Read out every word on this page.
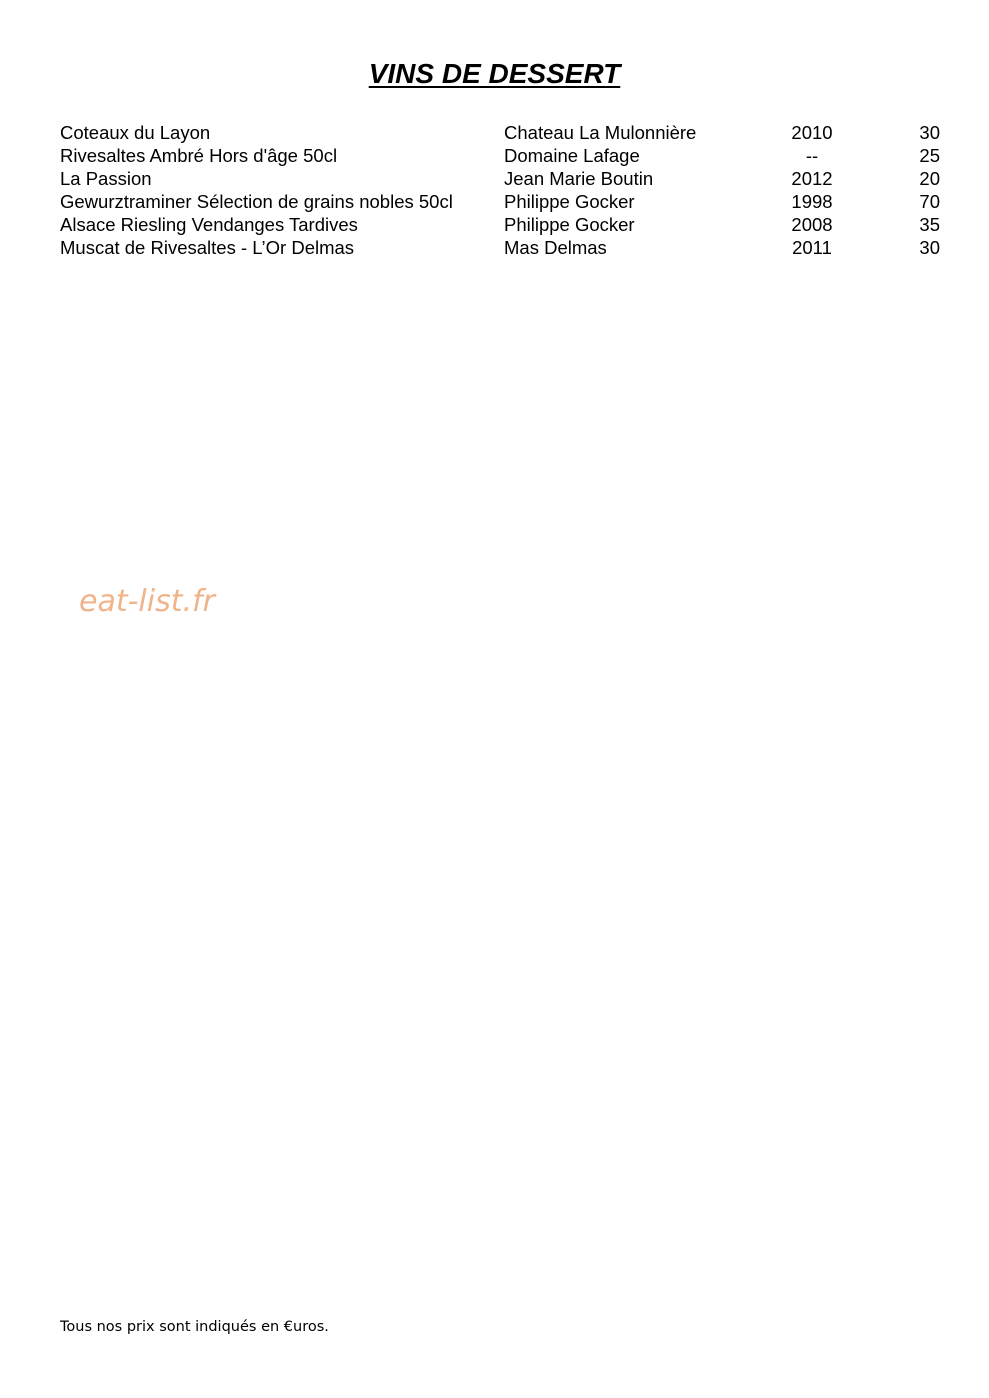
VINS DE DESSERT
Coteaux du Layon	Chateau La Mulonnière	2010	30
Rivesaltes Ambré Hors d'âge 50cl	Domaine Lafage	--	25
La Passion	Jean Marie Boutin	2012	20
Gewurztraminer Sélection de grains nobles 50cl	Philippe Gocker	1998	70
Alsace Riesling Vendanges Tardives	Philippe Gocker	2008	35
Muscat de Rivesaltes - L’Or Delmas	Mas Delmas	2011	30
eat-list.fr
Tous nos prix sont indiqués en €uros.
